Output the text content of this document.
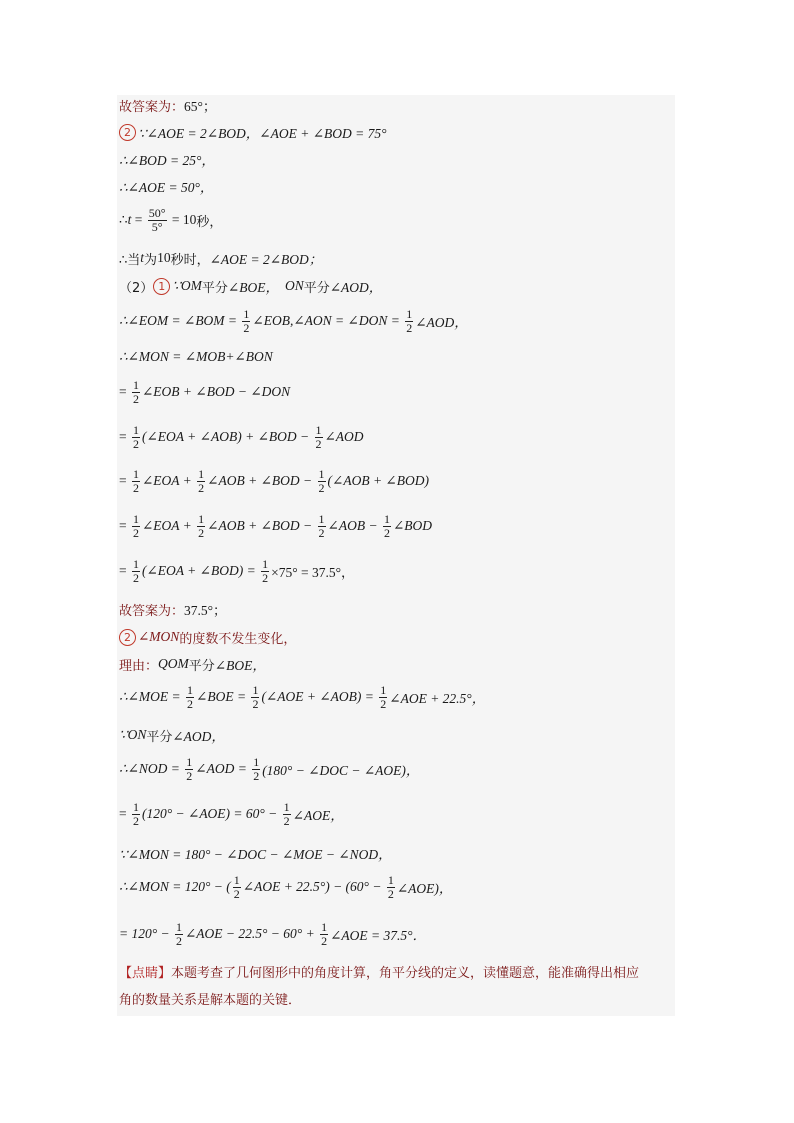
故答案为： 65°；
2 ∵∠AOE = 2∠BOD，∠AOE + ∠BOD = 75°
∴∠BOD = 25°，
∴∠AOE = 50°，
∴ $t = \frac{50^\circ}{5^\circ} = 10$ 秒，
∴当 t 为 10 秒时， ∠AOE = 2∠BOD；
（2） 1 ∵OM 平分 ∠BOE， ON 平分 ∠AOD，
∴∠EOM = ∠BOM = $\frac{1}{2}$ ∠EOB,∠AON = ∠DON = $\frac{1}{2}$ ∠AOD，
∴∠MON = ∠MOB+∠BON
= $\frac{1}{2}$ ∠EOB + ∠BOD − ∠DON
= $\frac{1}{2}$ (∠EOA + ∠AOB) + ∠BOD − $\frac{1}{2}$ ∠AOD
= $\frac{1}{2}$ ∠EOA + $\frac{1}{2}$ ∠AOB + ∠BOD − $\frac{1}{2}$ (∠AOB + ∠BOD)
= $\frac{1}{2}$ ∠EOA + $\frac{1}{2}$ ∠AOB + ∠BOD − $\frac{1}{2}$ ∠AOB − $\frac{1}{2}$ ∠BOD
= $\frac{1}{2}$ (∠EOA + ∠BOD) = $\frac{1}{2} \times 75^\circ = 37.5^\circ$，
故答案为： 37.5°；
2 ∠MON 的度数不发生变化，
理由： QOM 平分 ∠BOE，
∴∠MOE = $\frac{1}{2}$ ∠BOE = $\frac{1}{2}$ (∠AOE + ∠AOB) = $\frac{1}{2}$ ∠AOE + 22.5°，
∵ON 平分 ∠AOD，
∴∠NOD = $\frac{1}{2}$ ∠AOD = $\frac{1}{2} (180^\circ$ − ∠DOC − ∠AOE)，
= $\frac{1}{2} (120^\circ$ − ∠AOE) = $60^\circ - \frac{1}{2}$ ∠AOE，
∵∠MON = 180° − ∠DOC − ∠MOE − ∠NOD，
∴∠MON = 120° − ( $\frac{1}{2}$ ∠AOE + $22.5^\circ) - (60^\circ - \frac{1}{2}$ ∠AOE)，
= $120^\circ - \frac{1}{2}$ ∠AOE − $22.5^\circ - 60^\circ + \frac{1}{2}$ ∠AOE = 37.5°．
【点睛】 本题考查了几何图形中的角度计算，角平分线的定义，读懂题意，能准确得出相应
角的数量关系是解本题的关键．
